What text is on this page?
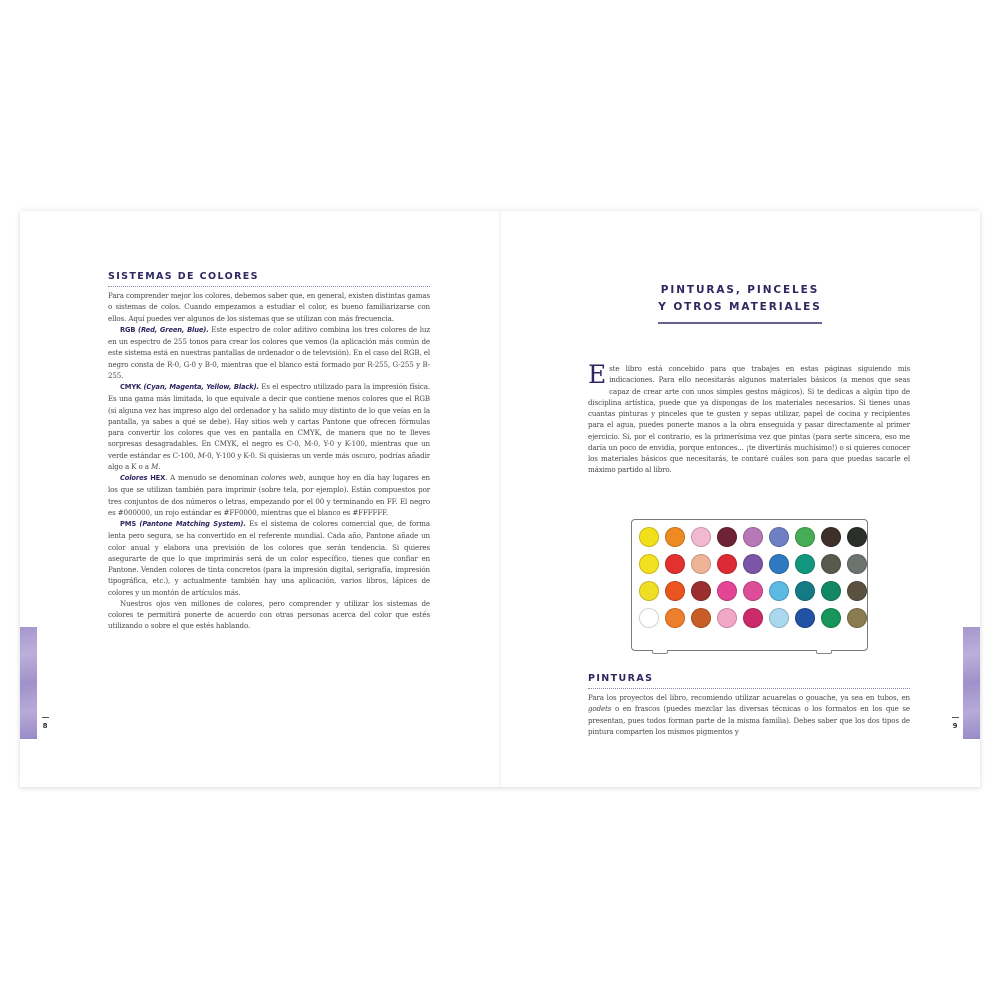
8
SISTEMAS DE COLORES

Para comprender mejor los colores, debemos saber que, en general, existen distintas gamas o sistemas de colos. Cuando empezamos a estudiar el color, es bueno familiarizarse con ellos. Aquí puedes ver algunos de los sistemas que se utilizan con más frecuencia.

RGB (Red, Green, Blue). Este espectro de color aditivo combina los tres colores de luz en un espectro de 255 tonos para crear los colores que vemos (la aplicación más común de este sistema está en nuestras pantallas de ordenador o de televisión). En el caso del RGB, el negro consta de R-0, G-0 y B-0, mientras que el blanco está formado por R-255, G-255 y B-255.

CMYK (Cyan, Magenta, Yellow, Black). Es el espectro utilizado para la impresión física. Es una gama más limitada, lo que equivale a decir que contiene menos colores que el RGB (si alguna vez has impreso algo del ordenador y ha salido muy distinto de lo que veías en la pantalla, ya sabes a qué se debe). Hay sitios web y cartas Pantone que ofrecen fórmulas para convertir los colores que ves en pantalla en CMYK, de manera que no te lleves sorpresas desagradables. En CMYK, el negro es C-0, M-0, Y-0 y K-100, mientras que un verde estándar es C-100, M-0, Y-100 y K-0. Si quisieras un verde más oscuro, podrías añadir algo a K o a M.

Colores HEX. A menudo se denominan colores web, aunque hoy en día hay lugares en los que se utilizan también para imprimir (sobre tela, por ejemplo). Están compuestos por tres conjuntos de dos números o letras, empezando por el 00 y terminando en FF. El negro es #000000, un rojo estándar es #FF0000, mientras que el blanco es #FFFFFF.

PMS (Pantone Matching System). Es el sistema de colores comercial que, de forma lenta pero segura, se ha convertido en el referente mundial. Cada año, Pantone añade un color anual y elabora una previsión de los colores que serán tendencia. Si quieres asegurarte de que lo que imprimirás será de un color específico, tienes que confiar en Pantone. Venden colores de tinta concretos (para la impresión digital, serigrafía, impresión tipográfica, etc.), y actualmente también hay una aplicación, varios libros, lápices de colores y un montón de artículos más.

Nuestros ojos ven millones de colores, pero comprender y utilizar los sistemas de colores te permitirá ponerte de acuerdo con otras personas acerca del color que estés utilizando o sobre el que estés hablando.

9
PINTURAS, PINCELES
Y OTROS MATERIALES
Este libro está concebido para que trabajes en estas páginas siguiendo mis indicaciones. Para ello necesitarás algunos materiales básicos (a menos que seas capaz de crear arte con unos simples gestos mágicos). Si te dedicas a algún tipo de disciplina artística, puede que ya dispongas de los materiales necesarios. Si tienes unas cuantas pinturas y pinceles que te gusten y sepas utilizar, papel de cocina y recipientes para el agua, puedes ponerte manos a la obra enseguida y pasar directamente al primer ejercicio. Si, por el contrario, es la primerísima vez que pintas (para serte sincera, eso me daría un poco de envidia, porque entonces... ¡te divertirás muchísimo!) o si quieres conocer los materiales básicos que necesitarás, te contaré cuáles son para que puedas sacarle el máximo partido al libro.
PINTURAS
Para los proyectos del libro, recomiendo utilizar acuarelas o gouache, ya sea en tubos, en godets o en frascos (puedes mezclar las diversas técnicas o los formatos en los que se presentan, pues todos forman parte de la misma familia). Debes saber que los dos tipos de pintura comparten los mismos pigmentos y
